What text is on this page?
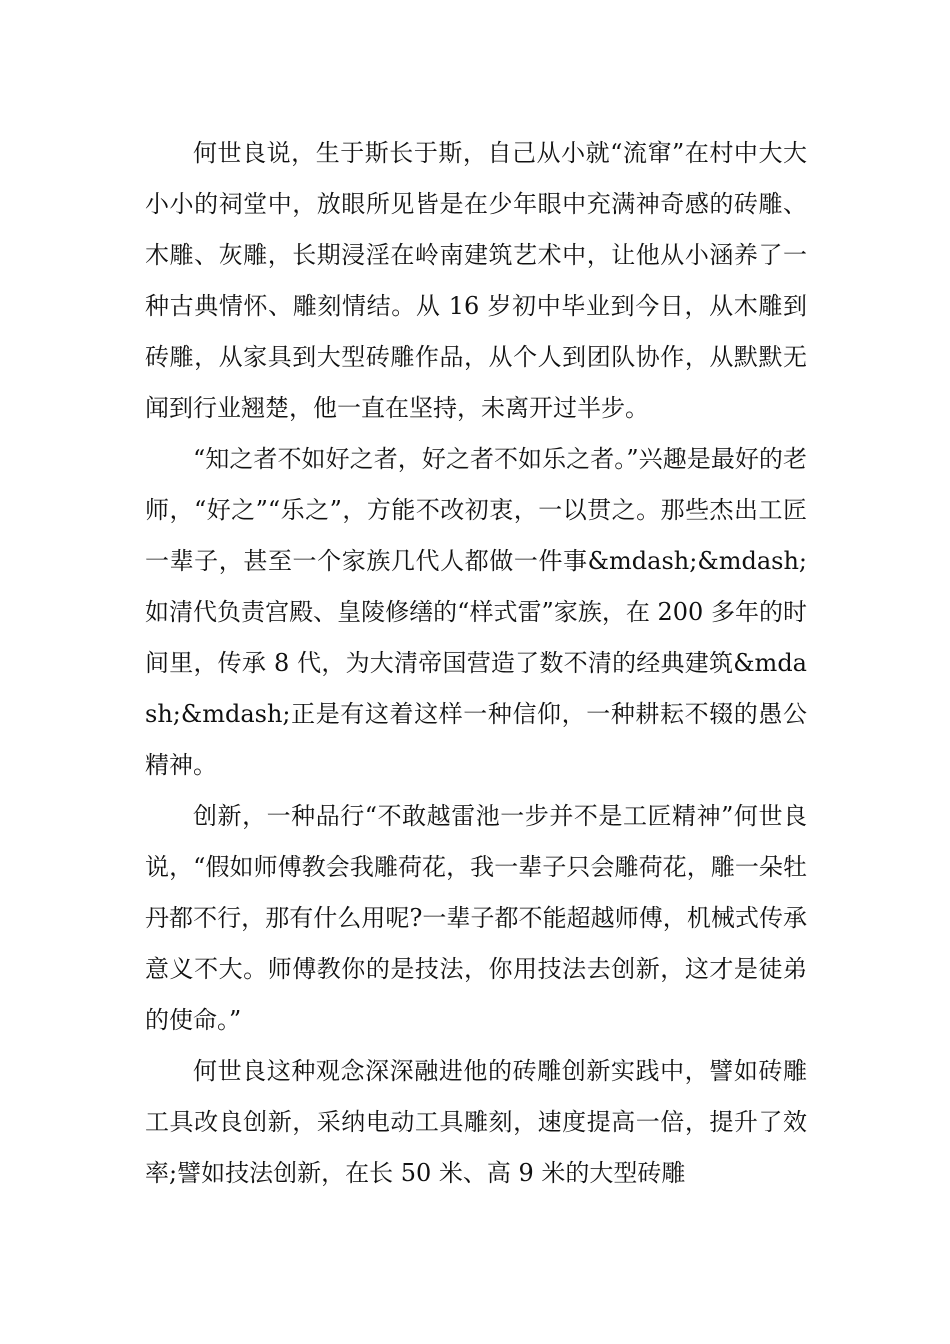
何世良说，生于斯长于斯，自己从小就“流窜”在村中大大小小的祠堂中，放眼所见皆是在少年眼中充满神奇感的砖雕、木雕、灰雕，长期浸淫在岭南建筑艺术中，让他从小涵养了一种古典情怀、雕刻情结。从 16 岁初中毕业到今日，从木雕到砖雕，从家具到大型砖雕作品，从个人到团队协作，从默默无闻到行业翘楚，他一直在坚持，未离开过半步。

“知之者不如好之者，好之者不如乐之者。”兴趣是最好的老师，“好之”“乐之”，方能不改初衷，一以贯之。那些杰出工匠一辈子，甚至一个家族几代人都做一件事&mdash;&mdash;如清代负责宫殿、皇陵修缮的“样式雷”家族，在 200 多年的时间里，传承 8 代，为大清帝国营造了数不清的经典建筑&mdash;&mdash;正是有这着这样一种信仰，一种耕耘不辍的愚公精神。

创新，一种品行“不敢越雷池一步并不是工匠精神”何世良说，“假如师傅教会我雕荷花，我一辈子只会雕荷花，雕一朵牡丹都不行，那有什么用呢?一辈子都不能超越师傅，机械式传承意义不大。师傅教你的是技法，你用技法去创新，这才是徒弟的使命。”

何世良这种观念深深融进他的砖雕创新实践中，譬如砖雕工具改良创新，采纳电动工具雕刻，速度提高一倍，提升了效率;譬如技法创新，在长 50 米、高 9 米的大型砖雕
